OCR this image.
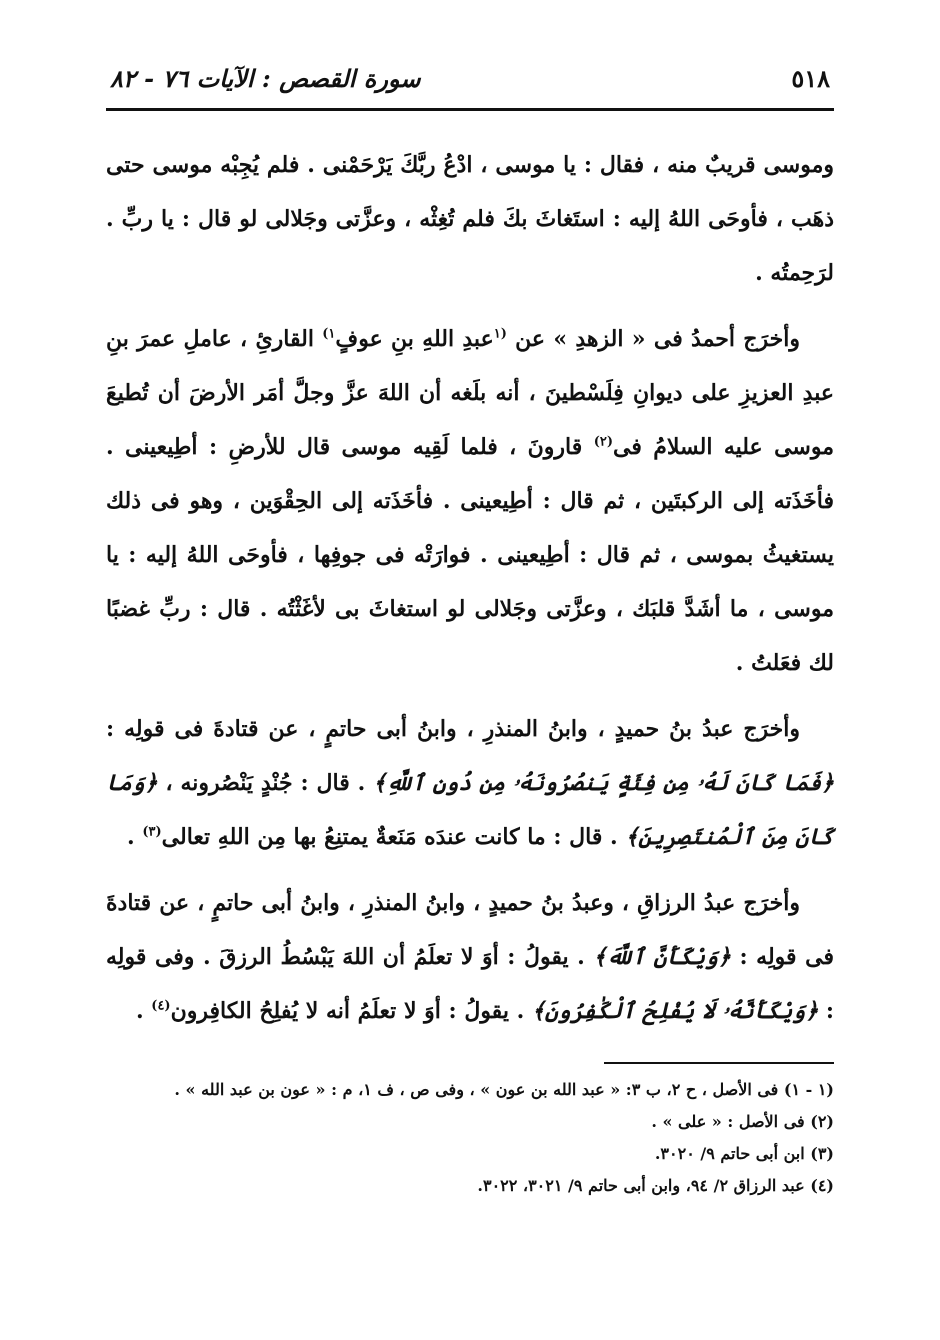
٥١٨
سورة القصص : الآيات ٧٦ - ٨٢

وموسى قريبٌ منه ، فقال : يا موسى ، ادْعُ ربَّكَ يَرْحَمْنى . فلم يُجِبْه موسى حتى ذهَب ، فأوحَى اللهُ إليه : استَغاثَ بكَ فلم تُغِثْه ، وعزَّتى وجَلالى لو قال : يا ربِّ . لرَحِمتُه .

وأخرَج أحمدُ فى « الزهدِ » عن $^{(١}$عبدِ اللهِ بنِ عوفٍ$^{١)}$ القارئِ ، عاملِ عمرَ بنِ عبدِ العزيزِ على ديوانِ فِلَسْطينَ ، أنه بلَغه أن اللهَ عزَّ وجلَّ أمَر الأرضَ أن تُطيعَ موسى عليه السلامُ فى$^{(٢)}$ قارونَ ، فلما لَقِيه موسى قال للأرضِ : أطِيعينى . فأخَذَته إلى الركبتَين ، ثم قال : أطِيعينى . فأخَذَته إلى الحِقْوَين ، وهو فى ذلك يستغيثُ بموسى ، ثم قال : أطِيعينى . فوارَتْه فى جوفِها ، فأوحَى اللهُ إليه : يا موسى ، ما أشَدَّ قلبَك ، وعزَّتى وجَلالى لو استغاثَ بى لأغَثْتُه . قال : ربِّ غضبًا لك فعَلتُ .

وأخرَج عبدُ بنُ حميدٍ ، وابنُ المنذرِ ، وابنُ أبى حاتمٍ ، عن قتادةَ فى قولِه : ﴿فَمَا كَانَ لَهُۥ مِن فِئَةٍ يَنصُرُونَهُۥ مِن دُونِ ٱللَّهِ﴾ . قال : جُنْدٍ يَنْصُرونه ، ﴿وَمَا كَانَ مِنَ ٱلْمُنتَصِرِينَ﴾ . قال : ما كانت عندَه مَنَعةٌ يمتنِعُ بها مِن اللهِ تعالى$^{(٣)}$ .

وأخرَج عبدُ الرزاقِ ، وعبدُ بنُ حميدٍ ، وابنُ المنذرِ ، وابنُ أبى حاتمٍ ، عن قتادةَ فى قولِه : ﴿وَيْكَأَنَّ ٱللَّهَ﴾ . يقولُ : أوَ لا تعلَمُ أن اللهَ يَبْسُطُ الرزقَ . وفى قولِه : ﴿وَيْكَأَنَّهُۥ لَا يُفْلِحُ ٱلْكَٰفِرُونَ﴾ . يقولُ : أوَ لا تعلَمُ أنه لا يُفلِحُ الكافِرون$^{(٤)}$ .

(١ - ١) فى الأصل ، ح ٢، ب ٣: « عبد الله بن عون » ، وفى ص ، ف ١، م : « عون بن عبد الله » .
(٢) فى الأصل : « على » .
(٣) ابن أبى حاتم ٩/ ٣٠٢٠.
(٤) عبد الرزاق ٢/ ٩٤، وابن أبى حاتم ٩/ ٣٠٢١، ٣٠٢٢.
